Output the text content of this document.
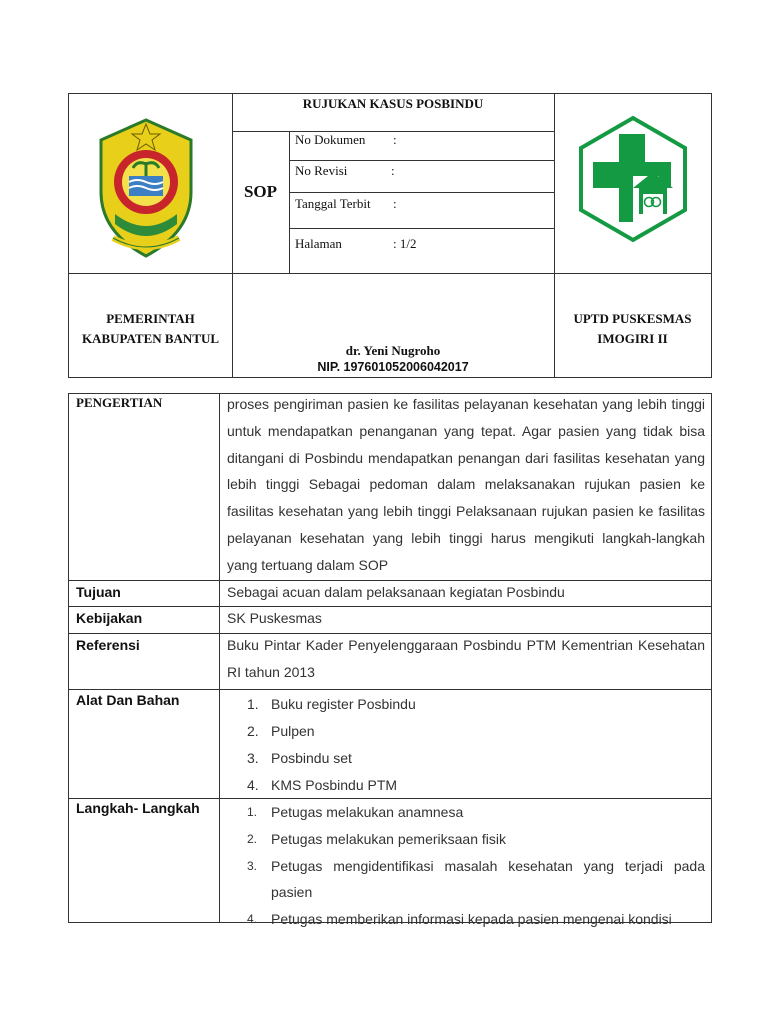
RUJUKAN KASUS POSBINDU
SOP
No Dokumen :
No Revisi	:
Tanggal Terbit :
Halaman	: 1/2
PEMERINTAH
KABUPATEN BANTUL
dr. Yeni Nugroho
NIP. 197601052006042017
UPTD PUSKESMAS
IMOGIRI II
PENGERTIAN	proses pengiriman pasien ke fasilitas pelayanan kesehatan yang lebih tinggi untuk mendapatkan penanganan yang tepat. Agar pasien yang tidak bisa ditangani di Posbindu mendapatkan penangan dari fasilitas kesehatan yang lebih tinggi Sebagai pedoman dalam melaksanakan rujukan pasien ke fasilitas kesehatan yang lebih tinggi Pelaksanaan rujukan pasien ke fasilitas pelayanan kesehatan yang lebih tinggi harus mengikuti langkah-langkah yang tertuang dalam SOP
Tujuan	Sebagai acuan dalam pelaksanaan kegiatan Posbindu
Kebijakan	SK Puskesmas
Referensi	Buku Pintar Kader Penyelenggaraan Posbindu PTM Kementrian Kesehatan RI tahun 2013
Alat Dan Bahan	1. Buku register Posbindu
2. Pulpen
3. Posbindu set
4. KMS Posbindu PTM
Langkah- Langkah	1. Petugas melakukan anamnesa
2. Petugas melakukan pemeriksaan fisik
3. Petugas mengidentifikasi masalah kesehatan yang terjadi pada pasien
4. Petugas memberikan informasi kepada pasien mengenai kondisi
